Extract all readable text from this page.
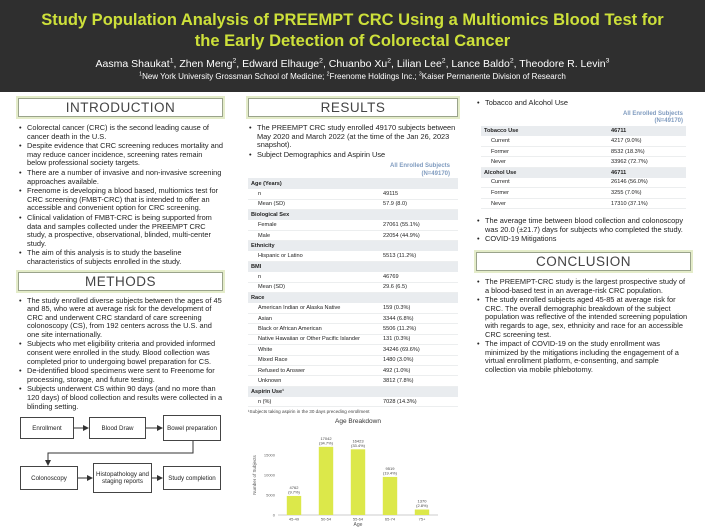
Study Population Analysis of PREEMPT CRC Using a Multiomics Blood Test for the Early Detection of Colorectal Cancer
Aasma Shaukat$^1$, Zhen Meng$^2$, Edward Elhauge$^2$, Chuanbo Xu$^2$, Lilian Lee$^2$, Lance Baldo$^2$, Theodore R. Levin$^3$
$^1$New York University Grossman School of Medicine; $^2$Freenome Holdings Inc.; $^3$Kaiser Permanente Division of Research
INTRODUCTION
• Colorectal cancer (CRC) is the second leading cause of cancer death in the U.S.
• Despite evidence that CRC screening reduces mortality and may reduce cancer incidence, screening rates remain below professional society targets.
• There are a number of invasive and non-invasive screening approaches available.
• Freenome is developing a blood based, multiomics test for CRC screening (FMBT-CRC) that is intended to offer an accessible and convenient option for CRC screening.
• Clinical validation of FMBT-CRC is being supported from data and samples collected under the PREEMPT CRC study, a prospective, observational, blinded, multi-center study.
• The aim of this analysis is to study the baseline characteristics of subjects enrolled in the study.
METHODS
• The study enrolled diverse subjects between the ages of 45 and 85, who were at average risk for the development of CRC and underwent CRC standard of care screening colonoscopy (CS), from 192 centers across the U.S. and one site internationally.
• Subjects who met eligibility criteria and provided informed consent were enrolled in the study. Blood collection was completed prior to undergoing bowel preparation for CS.
• De-identified blood specimens were sent to Freenome for processing, storage, and future testing.
• Subjects underwent CS within 90 days (and no more than 120 days) of blood collection and results were collected in a blinding setting.
Enrollment	Blood Draw	Bowel preparation
Colonoscopy
Histopathology and staging reports
Study completion
RESULTS
• The PREEMPT CRC study enrolled 49170 subjects between May 2020 and March 2022 (at the time of the Jan 26, 2023 snapshot).
• Subject Demographics and Aspirin Use
All Enrolled Subjects
(N=49170)
Age (Years)	
n	49115
Mean (SD)	57.9 (8.0)
Biological Sex	
Female	27061 (55.1%)
Male	22054 (44.9%)
Ethnicity	
Hispanic or Latino	5513 (11.2%)
BMI	
n	46769
Mean (SD)	29.6 (6.5)
Race	
American Indian or Alaska Native	159 (0.3%)
Asian	3344 (6.8%)
Black or African American	5506 (11.2%)
Native Hawaiian or Other Pacific Islander	131 (0.3%)
White	34246 (69.6%)
Mixed Race	1480 (3.0%)
Refused to Answer	492 (1.0%)
Unknown	3812 (7.8%)
Aspirin Use¹	
n (%)	7028 (14.3%)
¹Subjects taking aspirin in the 30 days preceding enrollment
Age Breakdown
Number of Subjects
Age
0
5000
10000
15000
4762 (9.7%)
45-49
17042 (34.7%)
50-54
16423 (33.4%)
55-64
9519 (19.4%)
65-74
1370 (2.8%)
75+
• Tobacco and Alcohol Use
All Enrolled Subjects
(N=49170)
Tobacco Use	46711
Current	4217 (9.0%)
Former	8532 (18.3%)
Never	33962 (72.7%)
Alcohol Use	46711
Current	26146 (56.0%)
Former	3255 (7.0%)
Never	17310 (37.1%)
• The average time between blood collection and colonoscopy was 20.0 (±21.7) days for subjects who completed the study.
• COVID-19 Mitigations
CONCLUSION
• The PREEMPT-CRC study is the largest prospective study of a blood-based test in an average-risk CRC population.
• The study enrolled subjects aged 45-85 at average risk for CRC. The overall demographic breakdown of the subject population was reflective of the intended screening population with regards to age, sex, ethnicity and race for an accessible CRC screening test.
• The impact of COVID-19 on the study enrollment was minimized by the mitigations including the engagement of a virtual enrollment platform, e-consenting, and sample collection via mobile phlebotomy.
